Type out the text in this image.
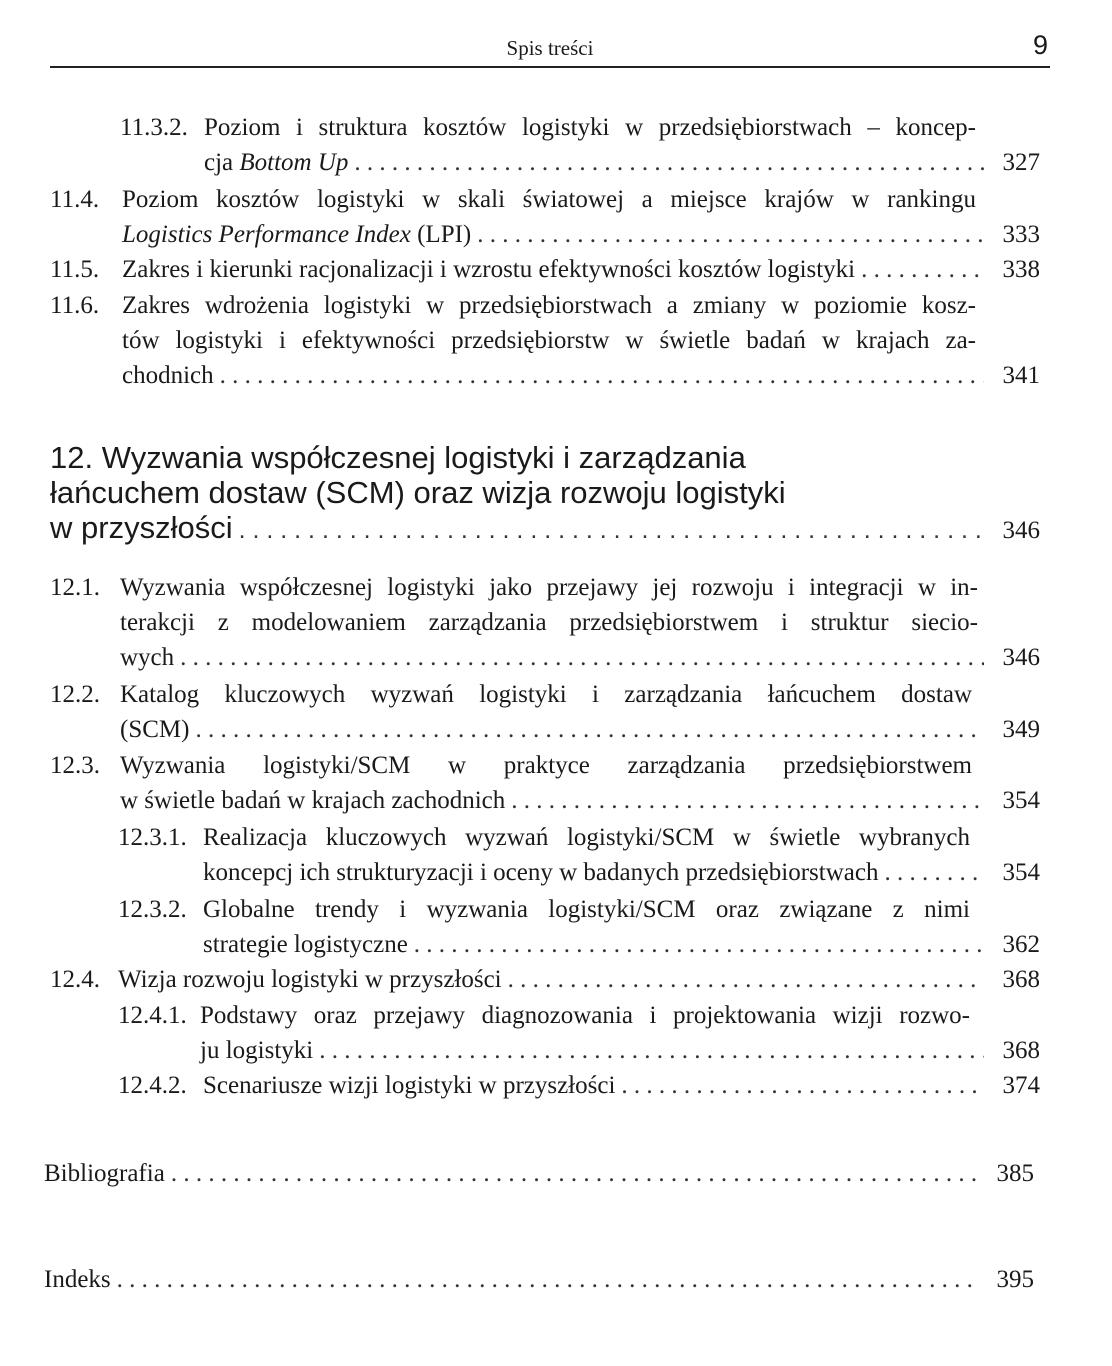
Spis treści	9
11.3.2. Poziom i struktura kosztów logistyki w przedsiębiorstwach – koncep-
cja Bottom Up . . .	327
11.4. Poziom kosztów logistyki w skali światowej a miejsce krajów w rankingu
Logistics Performance Index (LPI) . . .	333
11.5. Zakres i kierunki racjonalizacji i wzrostu efektywności kosztów logistyki . . .	338
11.6. Zakres wdrożenia logistyki w przedsiębiorstwach a zmiany w poziomie kosz-
tów logistyki i efektywności przedsiębiorstw w świetle badań w krajach za-
chodnich . . .	341
12. Wyzwania współczesnej logistyki i zarządzania
łańcuchem dostaw (SCM) oraz wizja rozwoju logistyki
w przyszłości . . .	346
12.1. Wyzwania współczesnej logistyki jako przejawy jej rozwoju i integracji w in-
terakcji z modelowaniem zarządzania przedsiębiorstwem i struktur siecio-
wych . . .	346
12.2. Katalog kluczowych wyzwań logistyki i zarządzania łańcuchem dostaw
(SCM) . . .	349
12.3. Wyzwania logistyki/SCM w praktyce zarządzania przedsiębiorstwem
w świetle badań w krajach zachodnich . . .	354
12.3.1. Realizacja kluczowych wyzwań logistyki/SCM w świetle wybranych
koncepcj ich strukturyzacji i oceny w badanych przedsiębiorstwach . . .	354
12.3.2. Globalne trendy i wyzwania logistyki/SCM oraz związane z nimi
strategie logistyczne . . .	362
12.4. Wizja rozwoju logistyki w przyszłości . . .	368
12.4.1. Podstawy oraz przejawy diagnozowania i projektowania wizji rozwo-
ju logistyki . . .	368
12.4.2. Scenariusze wizji logistyki w przyszłości . . .	374
Bibliografia . . .	385
Indeks . . .	395
